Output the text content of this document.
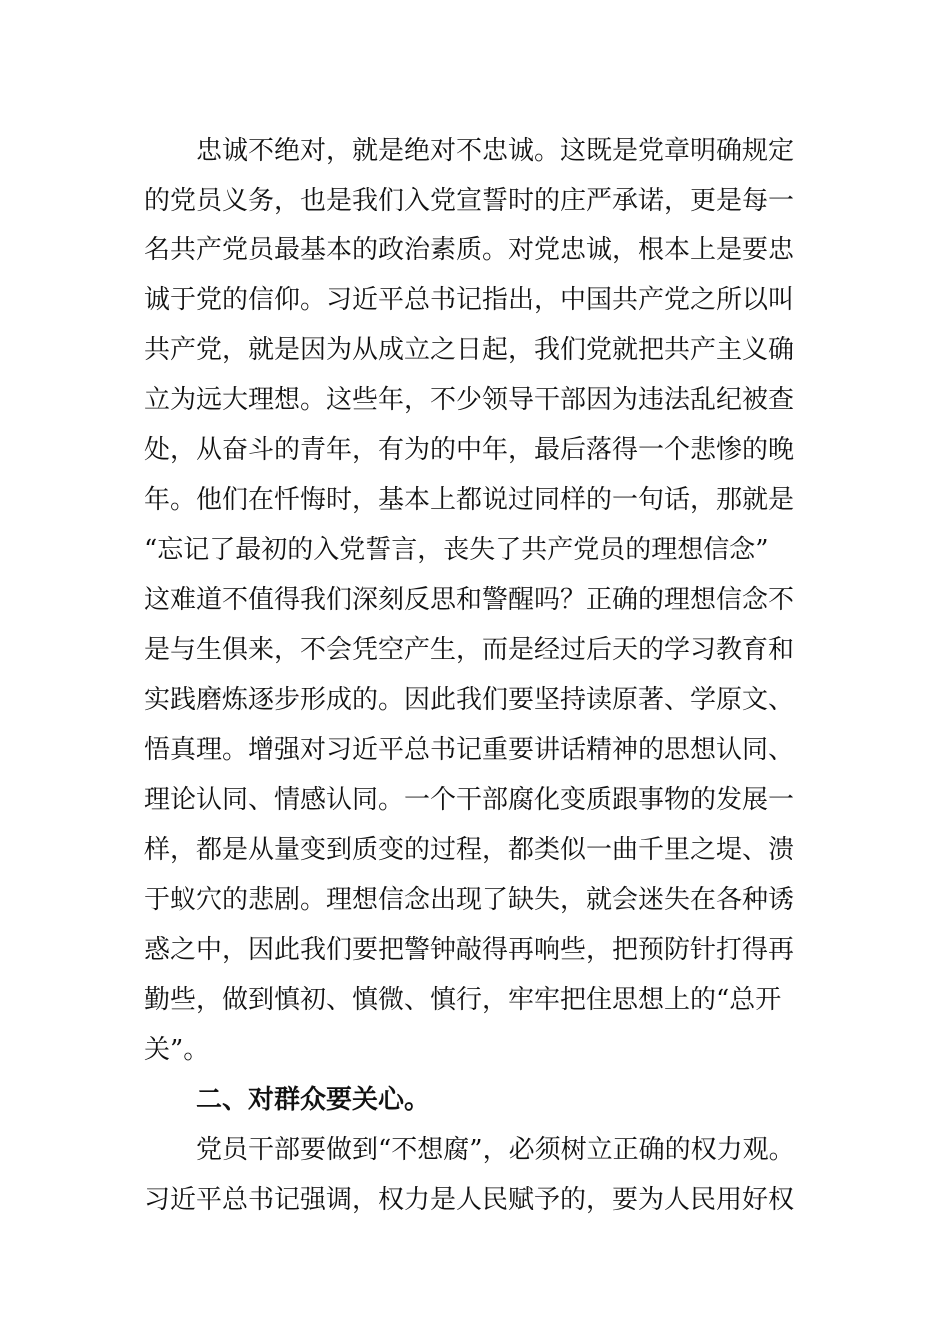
忠诚不绝对，就是绝对不忠诚。这既是党章明确规定
的党员义务，也是我们入党宣誓时的庄严承诺，更是每一
名共产党员最基本的政治素质。对党忠诚，根本上是要忠
诚于党的信仰。习近平总书记指出，中国共产党之所以叫
共产党，就是因为从成立之日起，我们党就把共产主义确
立为远大理想。这些年，不少领导干部因为违法乱纪被查
处，从奋斗的青年，有为的中年，最后落得一个悲惨的晚
年。他们在忏悔时，基本上都说过同样的一句话，那就是
“忘记了最初的入党誓言，丧失了共产党员的理想信念”
这难道不值得我们深刻反思和警醒吗？正确的理想信念不
是与生俱来，不会凭空产生，而是经过后天的学习教育和
实践磨炼逐步形成的。因此我们要坚持读原著、学原文、
悟真理。增强对习近平总书记重要讲话精神的思想认同、
理论认同、情感认同。一个干部腐化变质跟事物的发展一
样，都是从量变到质变的过程，都类似一曲千里之堤、溃
于蚁穴的悲剧。理想信念出现了缺失，就会迷失在各种诱
惑之中，因此我们要把警钟敲得再响些，把预防针打得再
勤些，做到慎初、慎微、慎行，牢牢把住思想上的“总开
关”。
二、对群众要关心。
党员干部要做到“不想腐”，必须树立正确的权力观。
习近平总书记强调，权力是人民赋予的，要为人民用好权
